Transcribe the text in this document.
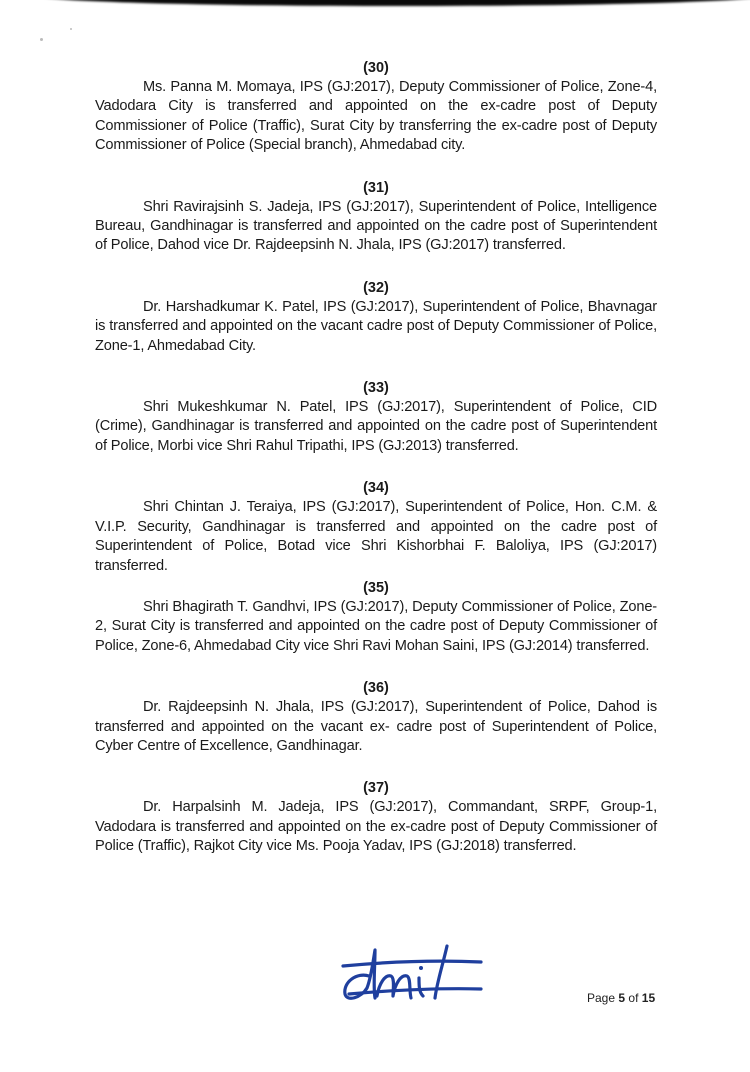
(30)

Ms. Panna M. Momaya, IPS (GJ:2017), Deputy Commissioner of Police, Zone-4, Vadodara City is transferred and appointed on the ex-cadre post of Deputy Commissioner of Police (Traffic), Surat City by transferring the ex-cadre post of Deputy Commissioner of Police (Special branch), Ahmedabad city.

(31)

Shri Ravirajsinh S. Jadeja, IPS (GJ:2017), Superintendent of Police, Intelligence Bureau, Gandhinagar is transferred and appointed on the cadre post of Superintendent of Police, Dahod vice Dr. Rajdeepsinh N. Jhala, IPS (GJ:2017) transferred.

(32)

Dr. Harshadkumar K. Patel, IPS (GJ:2017), Superintendent of Police, Bhavnagar is transferred and appointed on the vacant cadre post of Deputy Commissioner of Police, Zone-1, Ahmedabad City.

(33)

Shri Mukeshkumar N. Patel, IPS (GJ:2017), Superintendent of Police, CID (Crime), Gandhinagar is transferred and appointed on the cadre post of Superintendent of Police, Morbi vice Shri Rahul Tripathi, IPS (GJ:2013) transferred.

(34)

Shri Chintan J. Teraiya, IPS (GJ:2017), Superintendent of Police, Hon. C.M. & V.I.P. Security, Gandhinagar is transferred and appointed on the cadre post of Superintendent of Police, Botad vice Shri Kishorbhai F. Baloliya, IPS (GJ:2017) transferred.

(35)

Shri Bhagirath T. Gandhvi, IPS (GJ:2017), Deputy Commissioner of Police, Zone-2, Surat City is transferred and appointed on the cadre post of Deputy Commissioner of Police, Zone-6, Ahmedabad City vice Shri Ravi Mohan Saini, IPS (GJ:2014) transferred.

(36)

Dr. Rajdeepsinh N. Jhala, IPS (GJ:2017), Superintendent of Police, Dahod is transferred and appointed on the vacant ex- cadre post of Superintendent of Police, Cyber Centre of Excellence, Gandhinagar.

(37)

Dr. Harpalsinh M. Jadeja, IPS (GJ:2017), Commandant, SRPF, Group-1, Vadodara is transferred and appointed on the ex-cadre post of Deputy Commissioner of Police (Traffic), Rajkot City vice Ms. Pooja Yadav, IPS (GJ:2018) transferred.

Page 5 of 15
